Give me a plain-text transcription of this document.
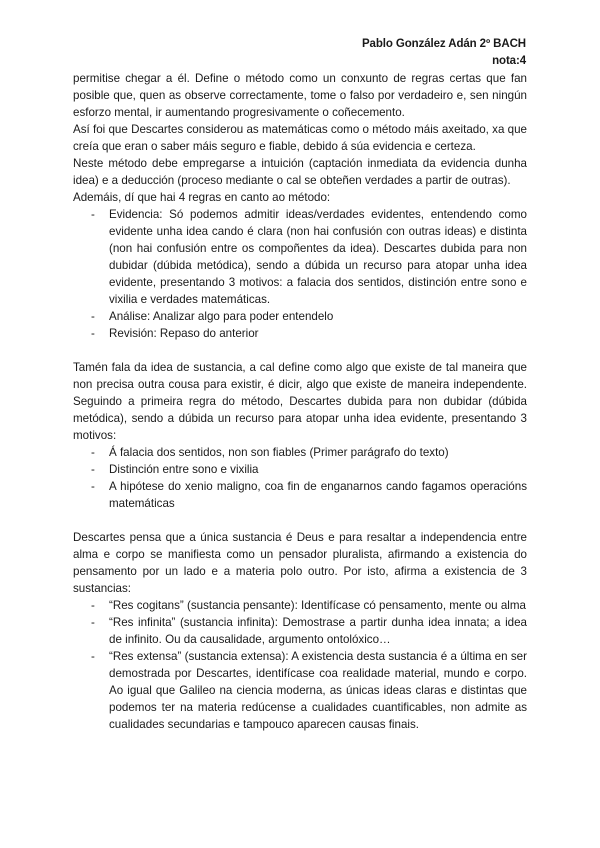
Pablo González Adán 2º BACH
nota:4

permitise chegar a él. Define o método como un conxunto de regras certas que fan posible que, quen as observe correctamente, tome o falso por verdadeiro e, sen ningún esforzo mental, ir aumentando progresivamente o coñecemento.

Así foi que Descartes considerou as matemáticas como o método máis axeitado, xa que creía que eran o saber máis seguro e fiable, debido á súa evidencia e certeza.

Neste método debe empregarse a intuición (captación inmediata da evidencia dunha idea) e a deducción (proceso mediante o cal se obteñen verdades a partir de outras).

Ademáis, dí que hai 4 regras en canto ao método:

- Evidencia: Só podemos admitir ideas/verdades evidentes, entendendo como evidente unha idea cando é clara (non hai confusión con outras ideas) e distinta (non hai confusión entre os compoñentes da idea). Descartes dubida para non dubidar (dúbida metódica), sendo a dúbida un recurso para atopar unha idea evidente, presentando 3 motivos: a falacia dos sentidos, distinción entre sono e vixilia e verdades matemáticas.
- Análise: Analizar algo para poder entendelo
- Revisión: Repaso do anterior

Tamén fala da idea de sustancia, a cal define como algo que existe de tal maneira que non precisa outra cousa para existir, é dicir, algo que existe de maneira independente. Seguindo a primeira regra do método, Descartes dubida para non dubidar (dúbida metódica), sendo a dúbida un recurso para atopar unha idea evidente, presentando 3 motivos:

- Á falacia dos sentidos, non son fiables (Primer parágrafo do texto)
- Distinción entre sono e vixilia
- A hipótese do xenio maligno, coa fin de enganarnos cando fagamos operacións matemáticas

Descartes pensa que a única sustancia é Deus e para resaltar a independencia entre alma e corpo se manifiesta como un pensador pluralista, afirmando a existencia do pensamento por un lado e a materia polo outro. Por isto, afirma a existencia de 3 sustancias:

- “Res cogitans” (sustancia pensante): Identifícase có pensamento, mente ou alma
- “Res infinita” (sustancia infinita): Demostrase a partir dunha idea innata; a idea de infinito. Ou da causalidade, argumento ontolóxico…
- “Res extensa” (sustancia extensa): A existencia desta sustancia é a última en ser demostrada por Descartes, identifícase coa realidade material, mundo e corpo. Ao igual que Galileo na ciencia moderna, as únicas ideas claras e distintas que podemos ter na materia redúcense a cualidades cuantificables, non admite as cualidades secundarias e tampouco aparecen causas finais.
